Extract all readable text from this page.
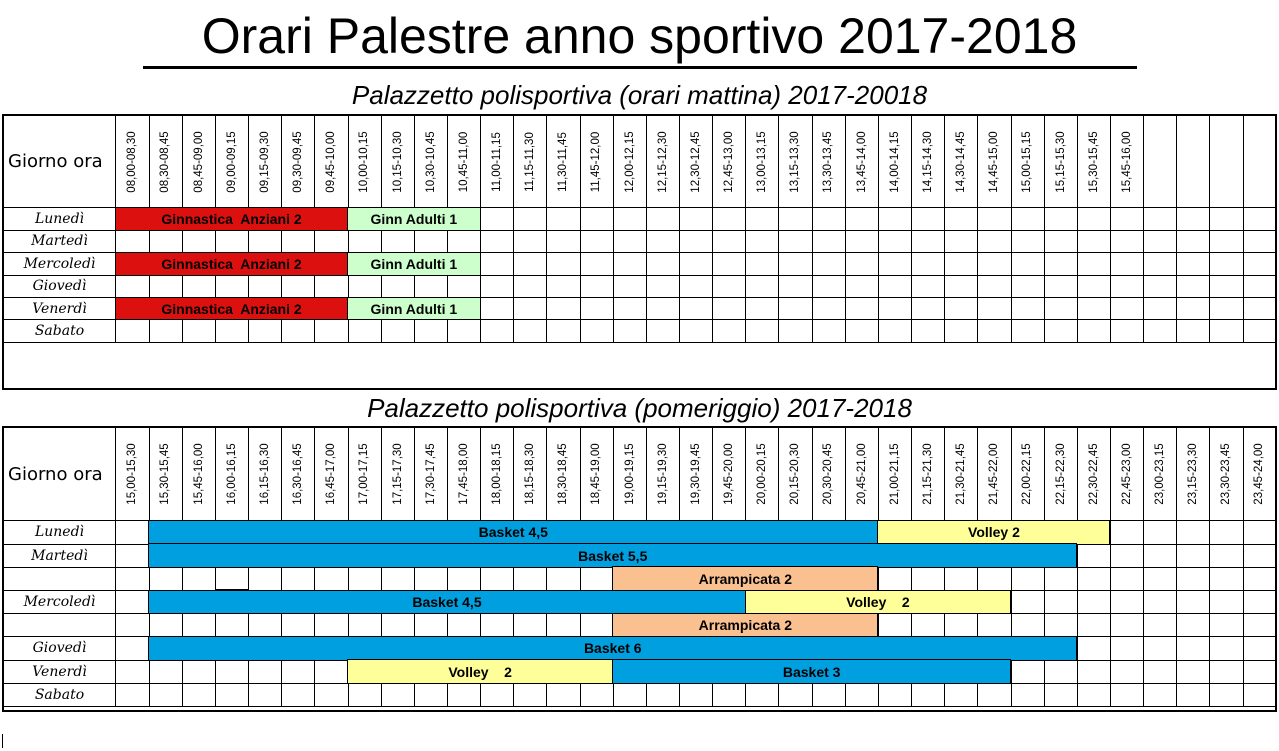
Orari Palestre anno sportivo 2017-2018
Palazzetto polisportiva (orari mattina) 2017-20018
Giorno ora	08,00-08,30 08,30-08,45 08,45-09,00 09,00-09,15 09,15-09,30 09,30-09,45 09,45-10,00 10,00-10,15 10,15-10,30 10,30-10,45 10,45-11,00 11,00-11,15 11,15-11,30 11,30-11,45 11,45-12,00 12,00-12,15 12,15-12,30 12,30-12,45 12,45-13,00 13,00-13,15 13,15-13,30 13,30-13,45 13,45-14,00 14,00-14,15 14,15-14,30 14,30-14,45 14,45-15,00 15,00-15,15 15,15-15,30 15,30-15,45 15,45-16,00
Lunedì	Ginnastica  Anziani 2	Ginn Adulti 1
Martedì
Mercoledì	Ginnastica  Anziani 2	Ginn Adulti 1
Giovedì
Venerdì	Ginnastica  Anziani 2	Ginn Adulti 1
Sabato
Palazzetto polisportiva (pomeriggio) 2017-2018
Giorno ora	15,00-15,30 15,30-15,45 15,45-16,00 16,00-16,15 16,15-16,30 16,30-16,45 16,45-17,00 17,00-17,15 17,15-17,30 17,30-17,45 17,45-18,00 18,00-18,15 18,15-18,30 18,30-18,45 18,45-19,00 19,00-19,15 19,15-19,30 19,30-19,45 19,45-20,00 20,00-20,15 20,15-20,30 20,30-20,45 20,45-21,00 21,00-21,15 21,15-21,30 21,30-21,45 21,45-22,00 22,00-22,15 22,15-22,30 22,30-22,45 22,45-23,00 23,00-23,15 23,15-23,30 23,30-23,45 23,45-24,00
Lunedì	Basket 4,5	Volley 2
Martedì	Basket 5,5
Arrampicata 2
Mercoledì	Basket 4,5	Volley    2
Arrampicata 2
Giovedì	Basket 6
Venerdì	Volley    2	Basket 3
Sabato
